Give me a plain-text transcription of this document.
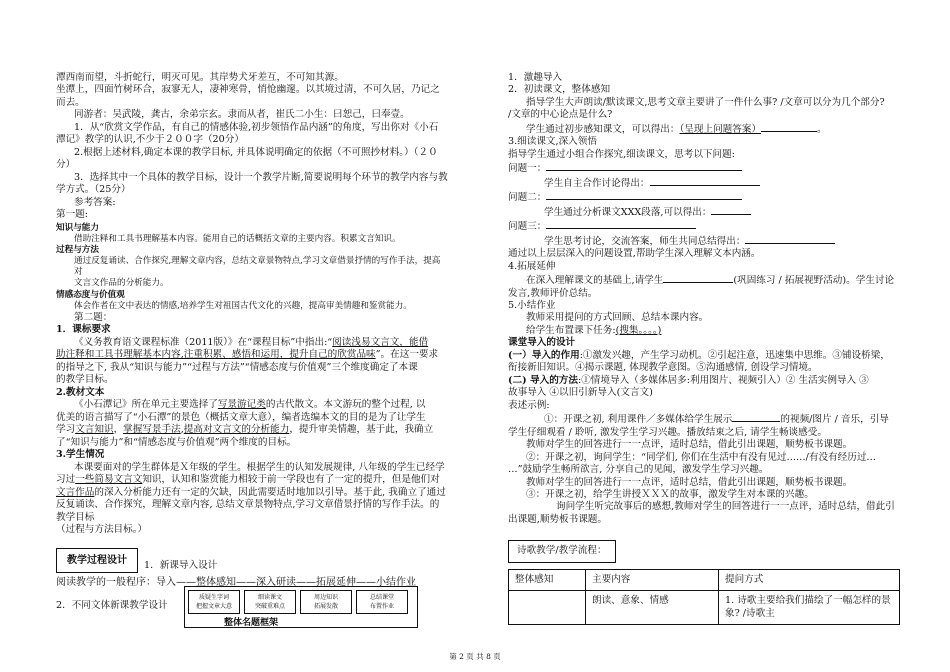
潭西南而望，斗折蛇行，明灭可见。其岸势犬牙差互，不可知其源。

坐潭上，四面竹树环合，寂寥无人，凄神寒骨，悄怆幽邃。以其境过清，不可久居，乃记之而去。

同游者：吴武陵，龚古，余弟宗玄。隶而从者，崔氏二小生：曰恕己，曰奉壹。

1．从“欣赏文学作品，有自己的情感体验,初步领悟作品内涵”的角度，写出你对《小石

潭记》教学的认识,不少于２００字（20分）

2.根据上述材料,确定本课的教学目标, 并具体说明确定的依据（不可照抄材料。）（２０

分）

3．选择其中一个具体的教学目标，设计一个教学片断,简要说明每个环节的教学内容与教

学方式。（25分）

参考答案:

第一题:

知识与能力

借助注释和工具书理解基本内容。能用自己的话概括文章的主要内容。积累文言知识。

过程与方法

通过反复诵读、合作探究,理解文章内容，总结文章景物特点,学习文章借景抒情的写作手法，提高对

文言文作品的分析能力。

情感态度与价值观

体会作者在文中表达的情感,培养学生对祖国古代文化的兴趣，提高审美情趣和鉴赏能力。

第二题：

1．课标要求

《义务教育语文课程标准（2011版）》在“课程目标”中指出:“阅读浅易文言文，能借

助注释和工具书理解基本内容,注重积累、感悟和运用，提升自己的欣赏品味”。在这一要求

的指导之下, 我从“知识与能力”“过程与方法”“情感态度与价值观”三个维度确定了本课

的教学目标。

2.教材文本

《小石潭记》所在单元主要选择了写景游记类的古代散文。本文游玩的整个过程, 以

优美的语言描写了“小石潭”的景色（概括文章大意），编者选编本文的目的是为了让学生

学习文言知识，掌握写景手法,提高对文言文的分析能力，提升审美情趣，基于此，我确立

了“知识与能力”和“情感态度与价值观”两个维度的目标。

3.学生情况

本课要面对的学生群体是Ｘ年级的学生。根据学生的认知发展规律, 八年级的学生已经学

习过一些简易文言文知识，认知和鉴赏能力相较于前一学段也有了一定的提升，但是他们对

文言作品的深入分析能力还有一定的欠缺，因此需要适时地加以引导。基于此, 我确立了通过

反复诵读、合作探究，理解文章内容, 总结文章景物特点,学习文章借景抒情的写作手法。的教学目标

（过程与方法目标。）

教学过程设计	1．新课导入设计

阅读教学的一般程序：导入——整体感知——深入研读——拓展延伸——小结作业

2．不同文体新课教学设计

质疑生字词
把握文章大意
细读课文
突破重难点
周边知识
拓展发散
总结课堂
布置作业

整体名题框架

1．激趣导入

2．初读课文，整体感知

指导学生大声朗读/默读课文,思考文章主要讲了一件什么事? /文章可以分为几个部分?

/文章的中心论点是什么?

学生通过初步感知课文，可以得出：（呈现上问题答案）	。

3.细读课文,深入领悟

指导学生通过小组合作探究,细读课文，思考以下问题:

问题一：

学生自主合作讨论得出：

问题二：

学生通过分析课文XXX段落,可以得出：

问题三：

学生思考讨论，交流答案，师生共同总结得出：

通过以上层层深入的问题设置,帮助学生深入理解文本内涵。

4.拓展延伸

在深入理解课文的基础上,请学生	(巩固练习 / 拓展视野活动)。学生讨论

发言,教师评价总结。

5.小结作业

教师采用提问的方式回顾、总结本课内容。

给学生布置课下任务:(搜集。。。。)

课堂导入的设计

(一）导入的作用:①激发兴趣，产生学习动机。②引起注意，迅速集中思维。③铺设桥梁，

衔接新旧知识。④揭示课题, 体现教学意图。⑤沟通感情, 创设学习情境。

(二) 导入的方法:①情境导入（多媒体居多:利用图片、视频引入）② 生活实例导入 ③

故事导入 ④以旧引新导入(文言文)

表述示例:

①：开课之初, 利用课件／多媒体给学生展示	的视频/图片 / 音乐，引导

学生仔细观看 / 聆听, 激发学生学习兴趣。播放结束之后, 请学生畅谈感受。

教师对学生的回答进行一一点评，适时总结，借此引出课题，顺势板书课题。

②：开课之初，询问学生：“同学们, 你们在生活中有没有见过……/有没有经历过…

…”鼓励学生畅所欲言, 分享自己的见闻，激发学生学习兴趣。

教师对学生的回答进行一一点评，适时总结，借此引出课题，顺势板书课题。

③：开课之初，给学生讲授ＸＸＸ的故事，激发学生对本课的兴趣。

询问学生听完故事后的感想,教师对学生的回答进行一一点评，适时总结，借此引

出课题,顺势板书课题。

诗歌教学/教学流程：
整体感知	主要内容	提问方式
	朗读、意象、情感	1. 诗歌主要给我们描绘了一幅怎样的景象? /诗歌主
第 2 页 共 8 页
